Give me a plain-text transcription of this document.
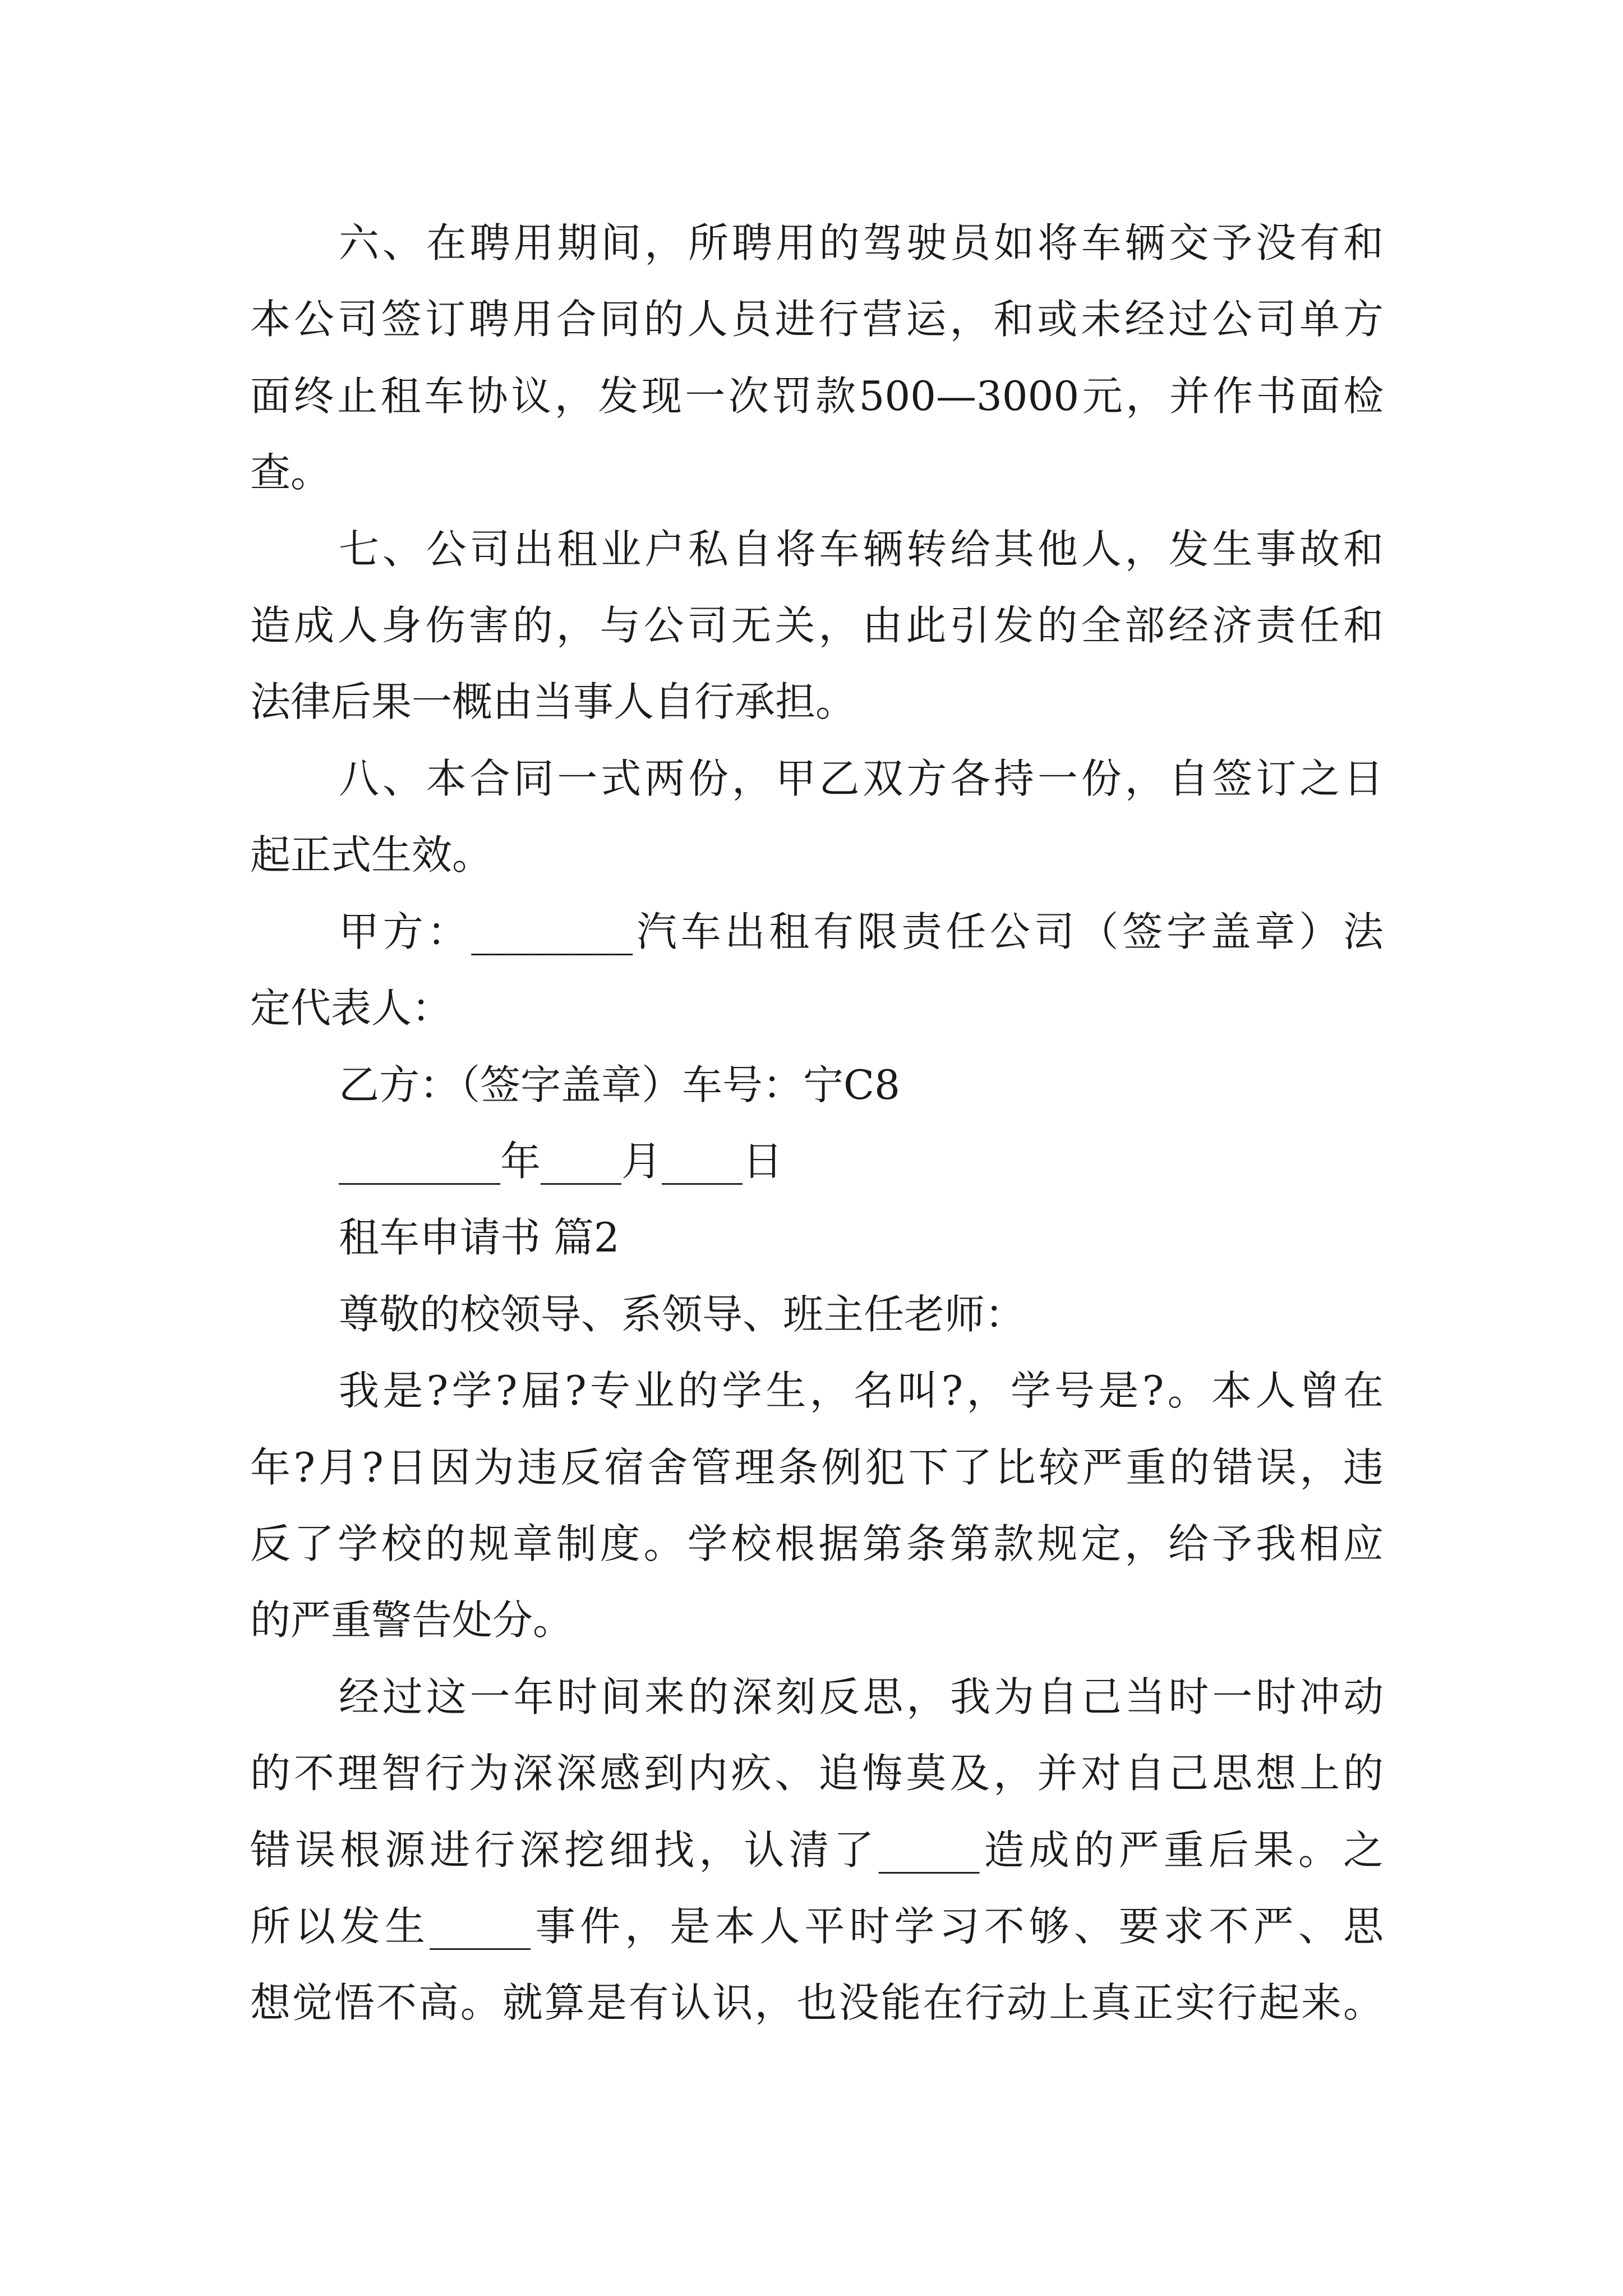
六、在聘用期间，所聘用的驾驶员如将车辆交予没有和
本公司签订聘用合同的人员进行营运，和或未经过公司单方
面终止租车协议，发现一次罚款500—3000元，并作书面检
查。
七、公司出租业户私自将车辆转给其他人，发生事故和
造成人身伤害的，与公司无关，由此引发的全部经济责任和
法律后果一概由当事人自行承担。
八、本合同一式两份，甲乙双方各持一份，自签订之日
起正式生效。
甲方：________汽车出租有限责任公司（签字盖章）法
定代表人：
乙方：（签字盖章）车号：宁C8
________年____月____日
租车申请书 篇2
尊敬的校领导、系领导、班主任老师：
我是?学?届?专业的学生，名叫?，学号是?。本人曾在
年?月?日因为违反宿舍管理条例犯下了比较严重的错误，违
反了学校的规章制度。学校根据第条第款规定，给予我相应
的严重警告处分。
经过这一年时间来的深刻反思，我为自己当时一时冲动
的不理智行为深深感到内疚、追悔莫及，并对自己思想上的
错误根源进行深挖细找，认清了_____造成的严重后果。之
所以发生_____事件，是本人平时学习不够、要求不严、思
想觉悟不高。就算是有认识，也没能在行动上真正实行起来。
